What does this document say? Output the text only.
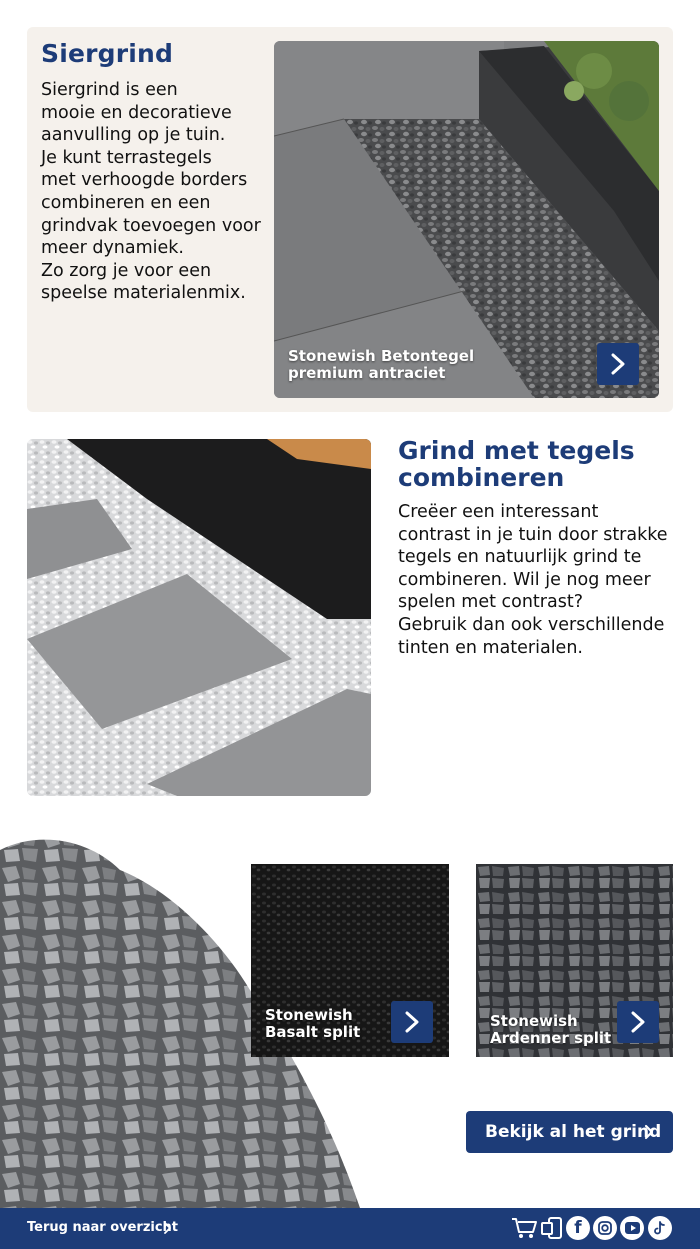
Siergrind

Siergrind is een
mooie en decoratieve
aanvulling op je tuin.
Je kunt terrastegels
met verhoogde borders
combineren en een
grindvak toevoegen voor
meer dynamiek.
Zo zorg je voor een
speelse materialenmix.

Stonewish Betontegel
premium antraciet
Grind met tegels
combineren

Creëer een interessant
contrast in je tuin door strakke
tegels en natuurlijk grind te
combineren. Wil je nog meer
spelen met contrast?
Gebruik dan ook verschillende
tinten en materialen.

Stonewish
Basalt split
Stonewish
Ardenner split
Bekijk al het grind
Terug naar overzicht	f
